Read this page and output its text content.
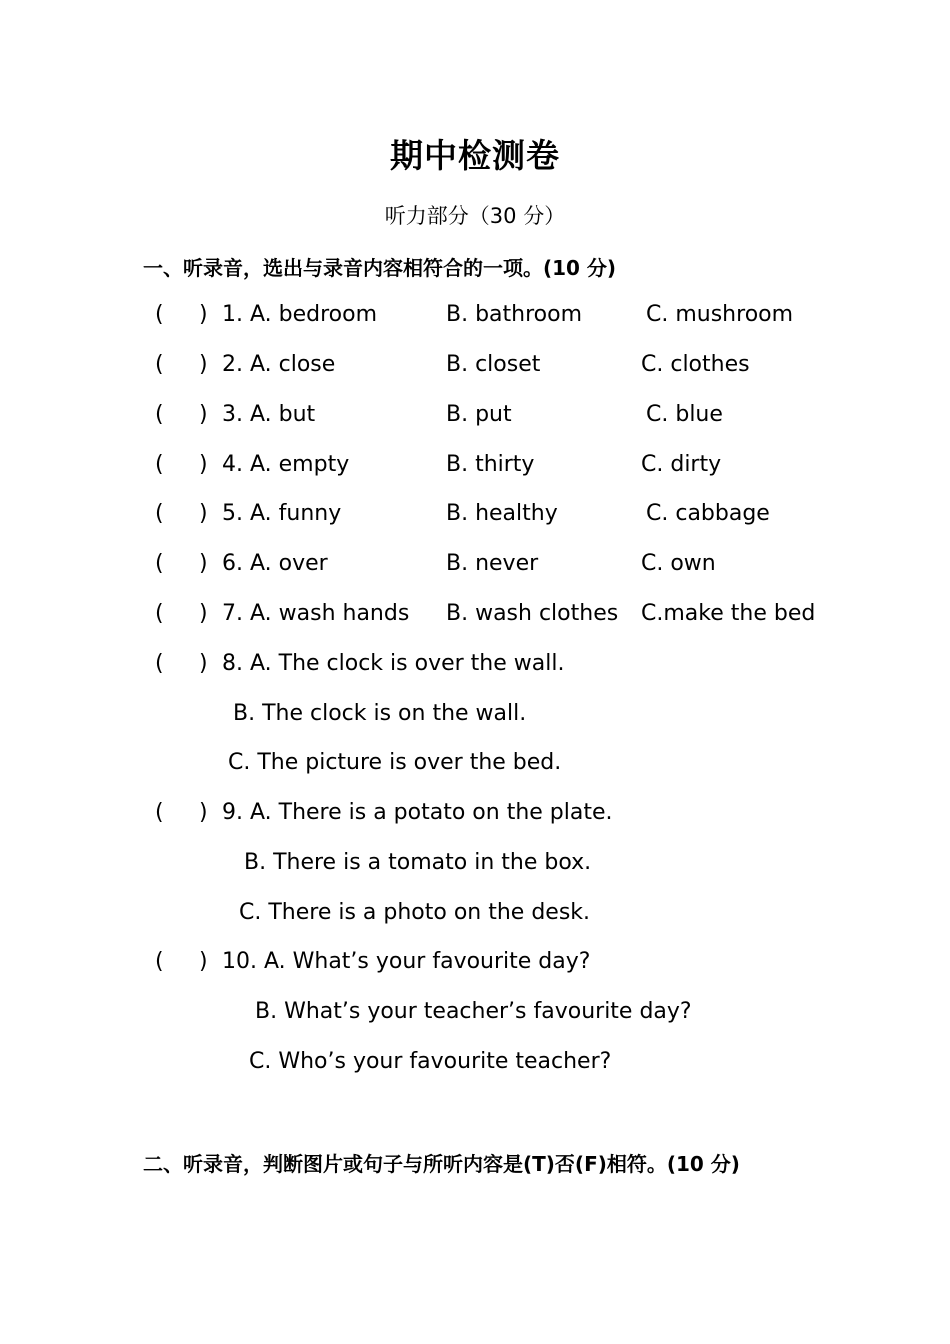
期中检测卷
听力部分（30 分）
一、听录音，选出与录音内容相符合的一项。(10 分)
( ) 1. A. bedroom	B. bathroom	C. mushroom
( ) 2. A. close	B. closet	C. clothes
( ) 3. A. but	B. put	C. blue
( ) 4. A. empty	B. thirty	C. dirty
( ) 5. A. funny	B. healthy	C. cabbage
( ) 6. A. over	B. never	C. own
( ) 7. A. wash hands B. wash clothes C.make the bed
( ) 8. A. The clock is over the wall.
B. The clock is on the wall.
C. The picture is over the bed.
( ) 9. A. There is a potato on the plate.
B. There is a tomato in the box.
C. There is a photo on the desk.
( ) 10. A. What’s your favourite day?
B. What’s your teacher’s favourite day?
C. Who’s your favourite teacher?
二、听录音，判断图片或句子与所听内容是(T)否(F)相符。(10 分)
